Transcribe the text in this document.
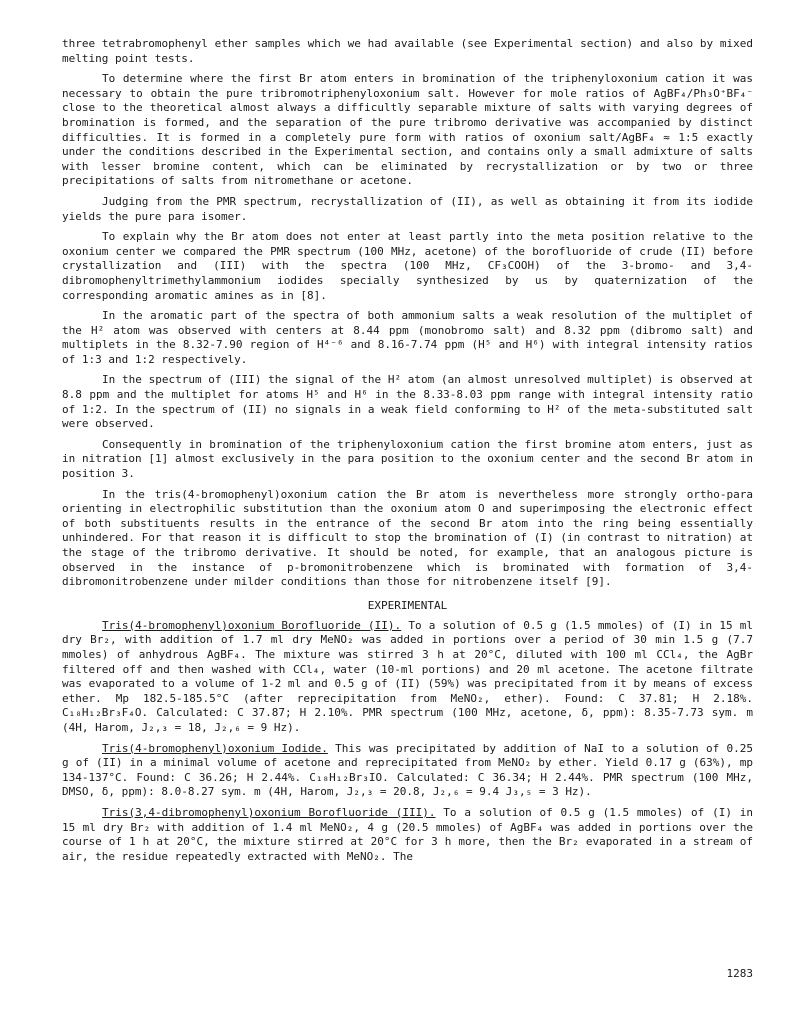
three tetrabromophenyl ether samples which we had available (see Experimental section) and also by mixed melting point tests.

To determine where the first Br atom enters in bromination of the triphenyloxonium cation it was necessary to obtain the pure tribromotriphenyloxonium salt. However for mole ratios of AgBF₄/Ph₃O⁺BF₄⁻ close to the theoretical almost always a difficultly separable mixture of salts with varying degrees of bromination is formed, and the separation of the pure tribromo derivative was accompanied by distinct difficulties. It is formed in a completely pure form with ratios of oxonium salt/AgBF₄ ≈ 1:5 exactly under the conditions described in the Experimental section, and contains only a small admixture of salts with lesser bromine content, which can be eliminated by recrystallization or by two or three precipitations of salts from nitromethane or acetone.

Judging from the PMR spectrum, recrystallization of (II), as well as obtaining it from its iodide yields the pure para isomer.

To explain why the Br atom does not enter at least partly into the meta position relative to the oxonium center we compared the PMR spectrum (100 MHz, acetone) of the borofluoride of crude (II) before crystallization and (III) with the spectra (100 MHz, CF₃COOH) of the 3-bromo- and 3,4-dibromophenyltrimethylammonium iodides specially synthesized by us by quaternization of the corresponding aromatic amines as in [8].

In the aromatic part of the spectra of both ammonium salts a weak resolution of the multiplet of the H² atom was observed with centers at 8.44 ppm (monobromo salt) and 8.32 ppm (dibromo salt) and multiplets in the 8.32-7.90 region of H⁴⁻⁶ and 8.16-7.74 ppm (H⁵ and H⁶) with integral intensity ratios of 1:3 and 1:2 respectively.

In the spectrum of (III) the signal of the H² atom (an almost unresolved multiplet) is observed at 8.8 ppm and the multiplet for atoms H⁵ and H⁶ in the 8.33-8.03 ppm range with integral intensity ratio of 1:2. In the spectrum of (II) no signals in a weak field conforming to H² of the meta-substituted salt were observed.

Consequently in bromination of the triphenyloxonium cation the first bromine atom enters, just as in nitration [1] almost exclusively in the para position to the oxonium center and the second Br atom in position 3.

In the tris(4-bromophenyl)oxonium cation the Br atom is nevertheless more strongly ortho-para orienting in electrophilic substitution than the oxonium atom O and superimposing the electronic effect of both substituents results in the entrance of the second Br atom into the ring being essentially unhindered. For that reason it is difficult to stop the bromination of (I) (in contrast to nitration) at the stage of the tribromo derivative. It should be noted, for example, that an analogous picture is observed in the instance of p-bromonitrobenzene which is brominated with formation of 3,4-dibromonitrobenzene under milder conditions than those for nitrobenzene itself [9].

EXPERIMENTAL

Tris(4-bromophenyl)oxonium Borofluoride (II). To a solution of 0.5 g (1.5 mmoles) of (I) in 15 ml dry Br₂, with addition of 1.7 ml dry MeNO₂ was added in portions over a period of 30 min 1.5 g (7.7 mmoles) of anhydrous AgBF₄. The mixture was stirred 3 h at 20°C, diluted with 100 ml CCl₄, the AgBr filtered off and then washed with CCl₄, water (10-ml portions) and 20 ml acetone. The acetone filtrate was evaporated to a volume of 1-2 ml and 0.5 g of (II) (59%) was precipitated from it by means of excess ether. Mp 182.5-185.5°C (after reprecipitation from MeNO₂, ether). Found: C 37.81; H 2.18%. C₁₈H₁₂Br₃F₄O. Calculated: C 37.87; H 2.10%. PMR spectrum (100 MHz, acetone, δ, ppm): 8.35-7.73 sym. m (4H, Harom, J₂,₃ = 18, J₂,₆ = 9 Hz).

Tris(4-bromophenyl)oxonium Iodide. This was precipitated by addition of NaI to a solution of 0.25 g of (II) in a minimal volume of acetone and reprecipitated from MeNO₂ by ether. Yield 0.17 g (63%), mp 134-137°C. Found: C 36.26; H 2.44%. C₁₈H₁₂Br₃IO. Calculated: C 36.34; H 2.44%. PMR spectrum (100 MHz, DMSO, δ, ppm): 8.0-8.27 sym. m (4H, Harom, J₂,₃ = 20.8, J₂,₆ = 9.4 J₃,₅ = 3 Hz).

Tris(3,4-dibromophenyl)oxonium Borofluoride (III). To a solution of 0.5 g (1.5 mmoles) of (I) in 15 ml dry Br₂ with addition of 1.4 ml MeNO₂, 4 g (20.5 mmoles) of AgBF₄ was added in portions over the course of 1 h at 20°C, the mixture stirred at 20°C for 3 h more, then the Br₂ evaporated in a stream of air, the residue repeatedly extracted with MeNO₂. The

1283
